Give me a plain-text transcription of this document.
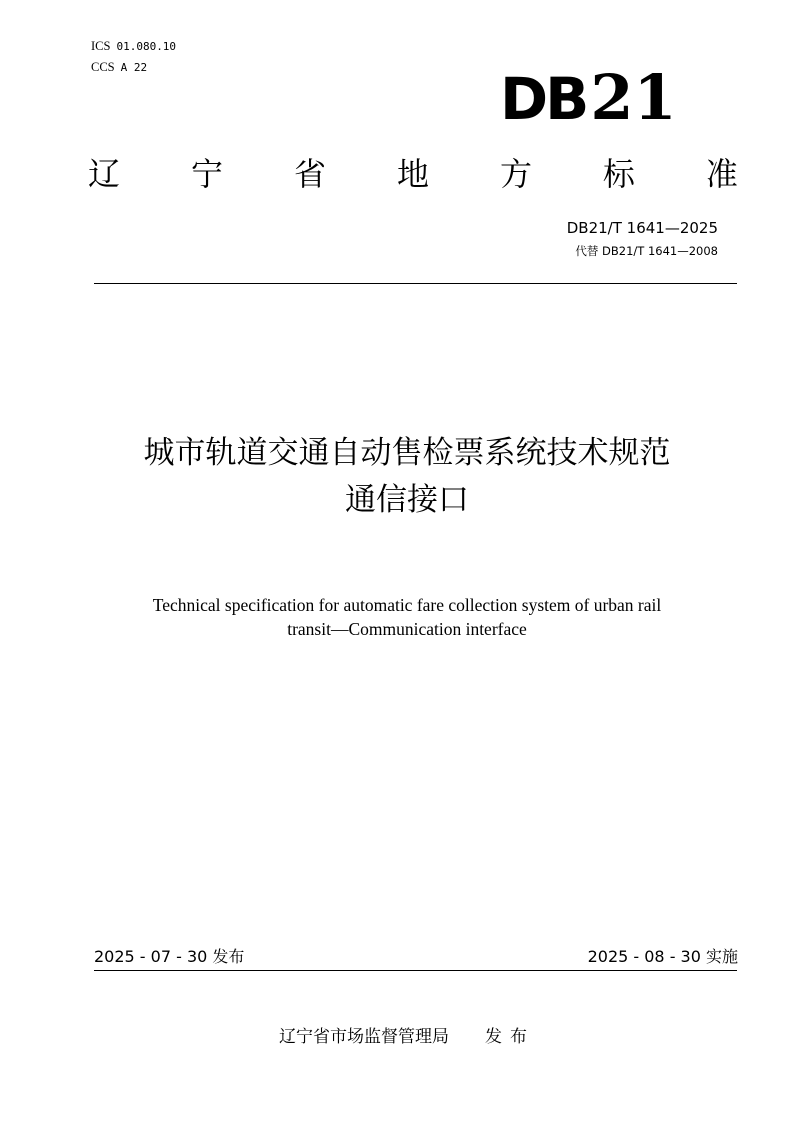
ICS 01.080.10
CCS A 22	DB21
辽 宁 省 地 方 标 准
DB21/T 1641—2025
代替 DB21/T 1641—2008
城市轨道交通自动售检票系统技术规范
通信接口
Technical specification for automatic fare collection system of urban rail
transit—Communication interface
2025 - 07 - 30 发布	2025 - 08 - 30 实施
辽宁省市场监督管理局 发布
